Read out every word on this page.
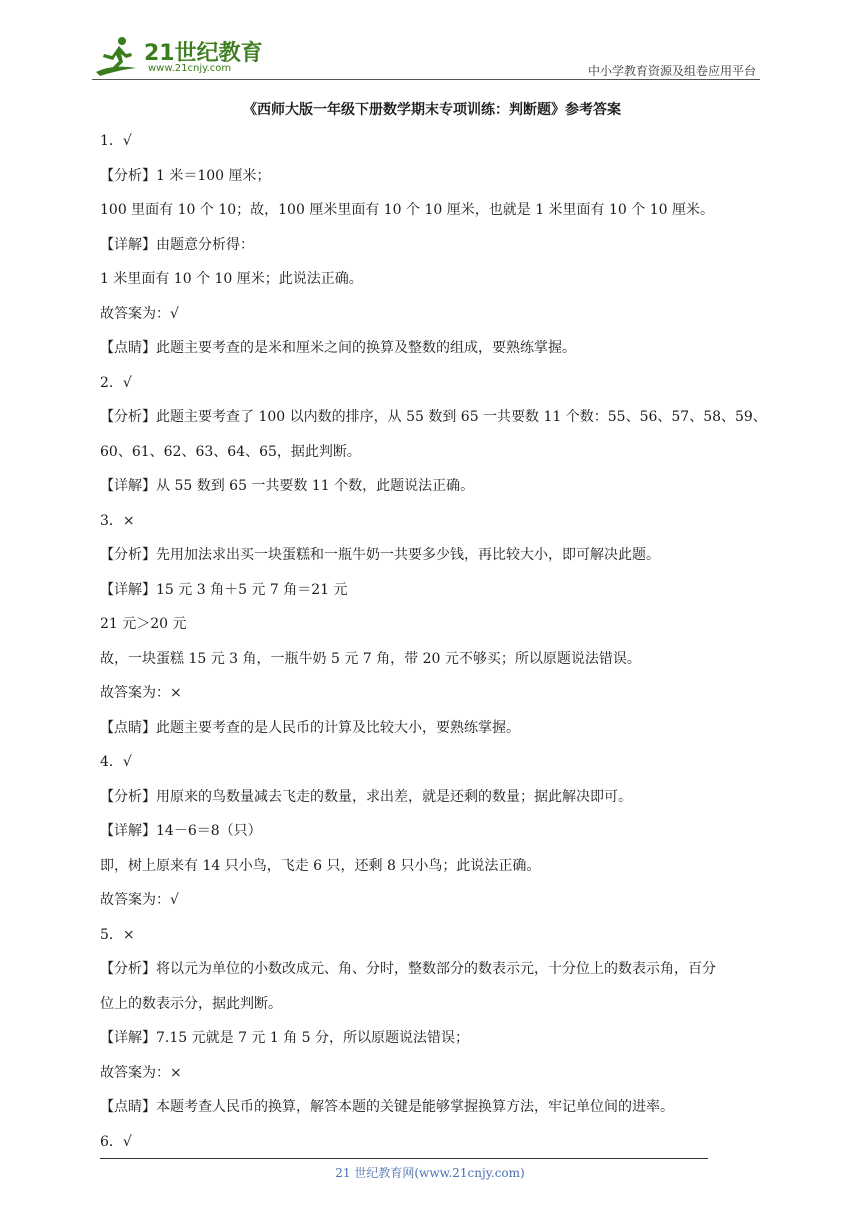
21世纪教育
www.21cnjy.com	中小学教育资源及组卷应用平台
《西师大版一年级下册数学期末专项训练：判断题》参考答案
1．√
【分析】1 米＝100 厘米；
100 里面有 10 个 10；故，100 厘米里面有 10 个 10 厘米，也就是 1 米里面有 10 个 10 厘米。
【详解】由题意分析得：
1 米里面有 10 个 10 厘米；此说法正确。
故答案为：√
【点睛】此题主要考查的是米和厘米之间的换算及整数的组成，要熟练掌握。
2．√
【分析】此题主要考查了 100 以内数的排序，从 55 数到 65 一共要数 11 个数：55、56、57、58、59、
60、61、62、63、64、65，据此判断。
【详解】从 55 数到 65 一共要数 11 个数，此题说法正确。
3．×
【分析】先用加法求出买一块蛋糕和一瓶牛奶一共要多少钱，再比较大小，即可解决此题。
【详解】15 元 3 角＋5 元 7 角＝21 元
21 元＞20 元
故，一块蛋糕 15 元 3 角，一瓶牛奶 5 元 7 角，带 20 元不够买；所以原题说法错误。
故答案为：×
【点睛】此题主要考查的是人民币的计算及比较大小，要熟练掌握。
4．√
【分析】用原来的鸟数量减去飞走的数量，求出差，就是还剩的数量；据此解决即可。
【详解】14－6＝8（只）
即，树上原来有 14 只小鸟，飞走 6 只，还剩 8 只小鸟；此说法正确。
故答案为：√
5．×
【分析】将以元为单位的小数改成元、角、分时，整数部分的数表示元，十分位上的数表示角，百分
位上的数表示分，据此判断。
【详解】7.15 元就是 7 元 1 角 5 分，所以原题说法错误；
故答案为：×
【点睛】本题考查人民币的换算，解答本题的关键是能够掌握换算方法，牢记单位间的进率。
6．√
21 世纪教育网(www.21cnjy.com)
